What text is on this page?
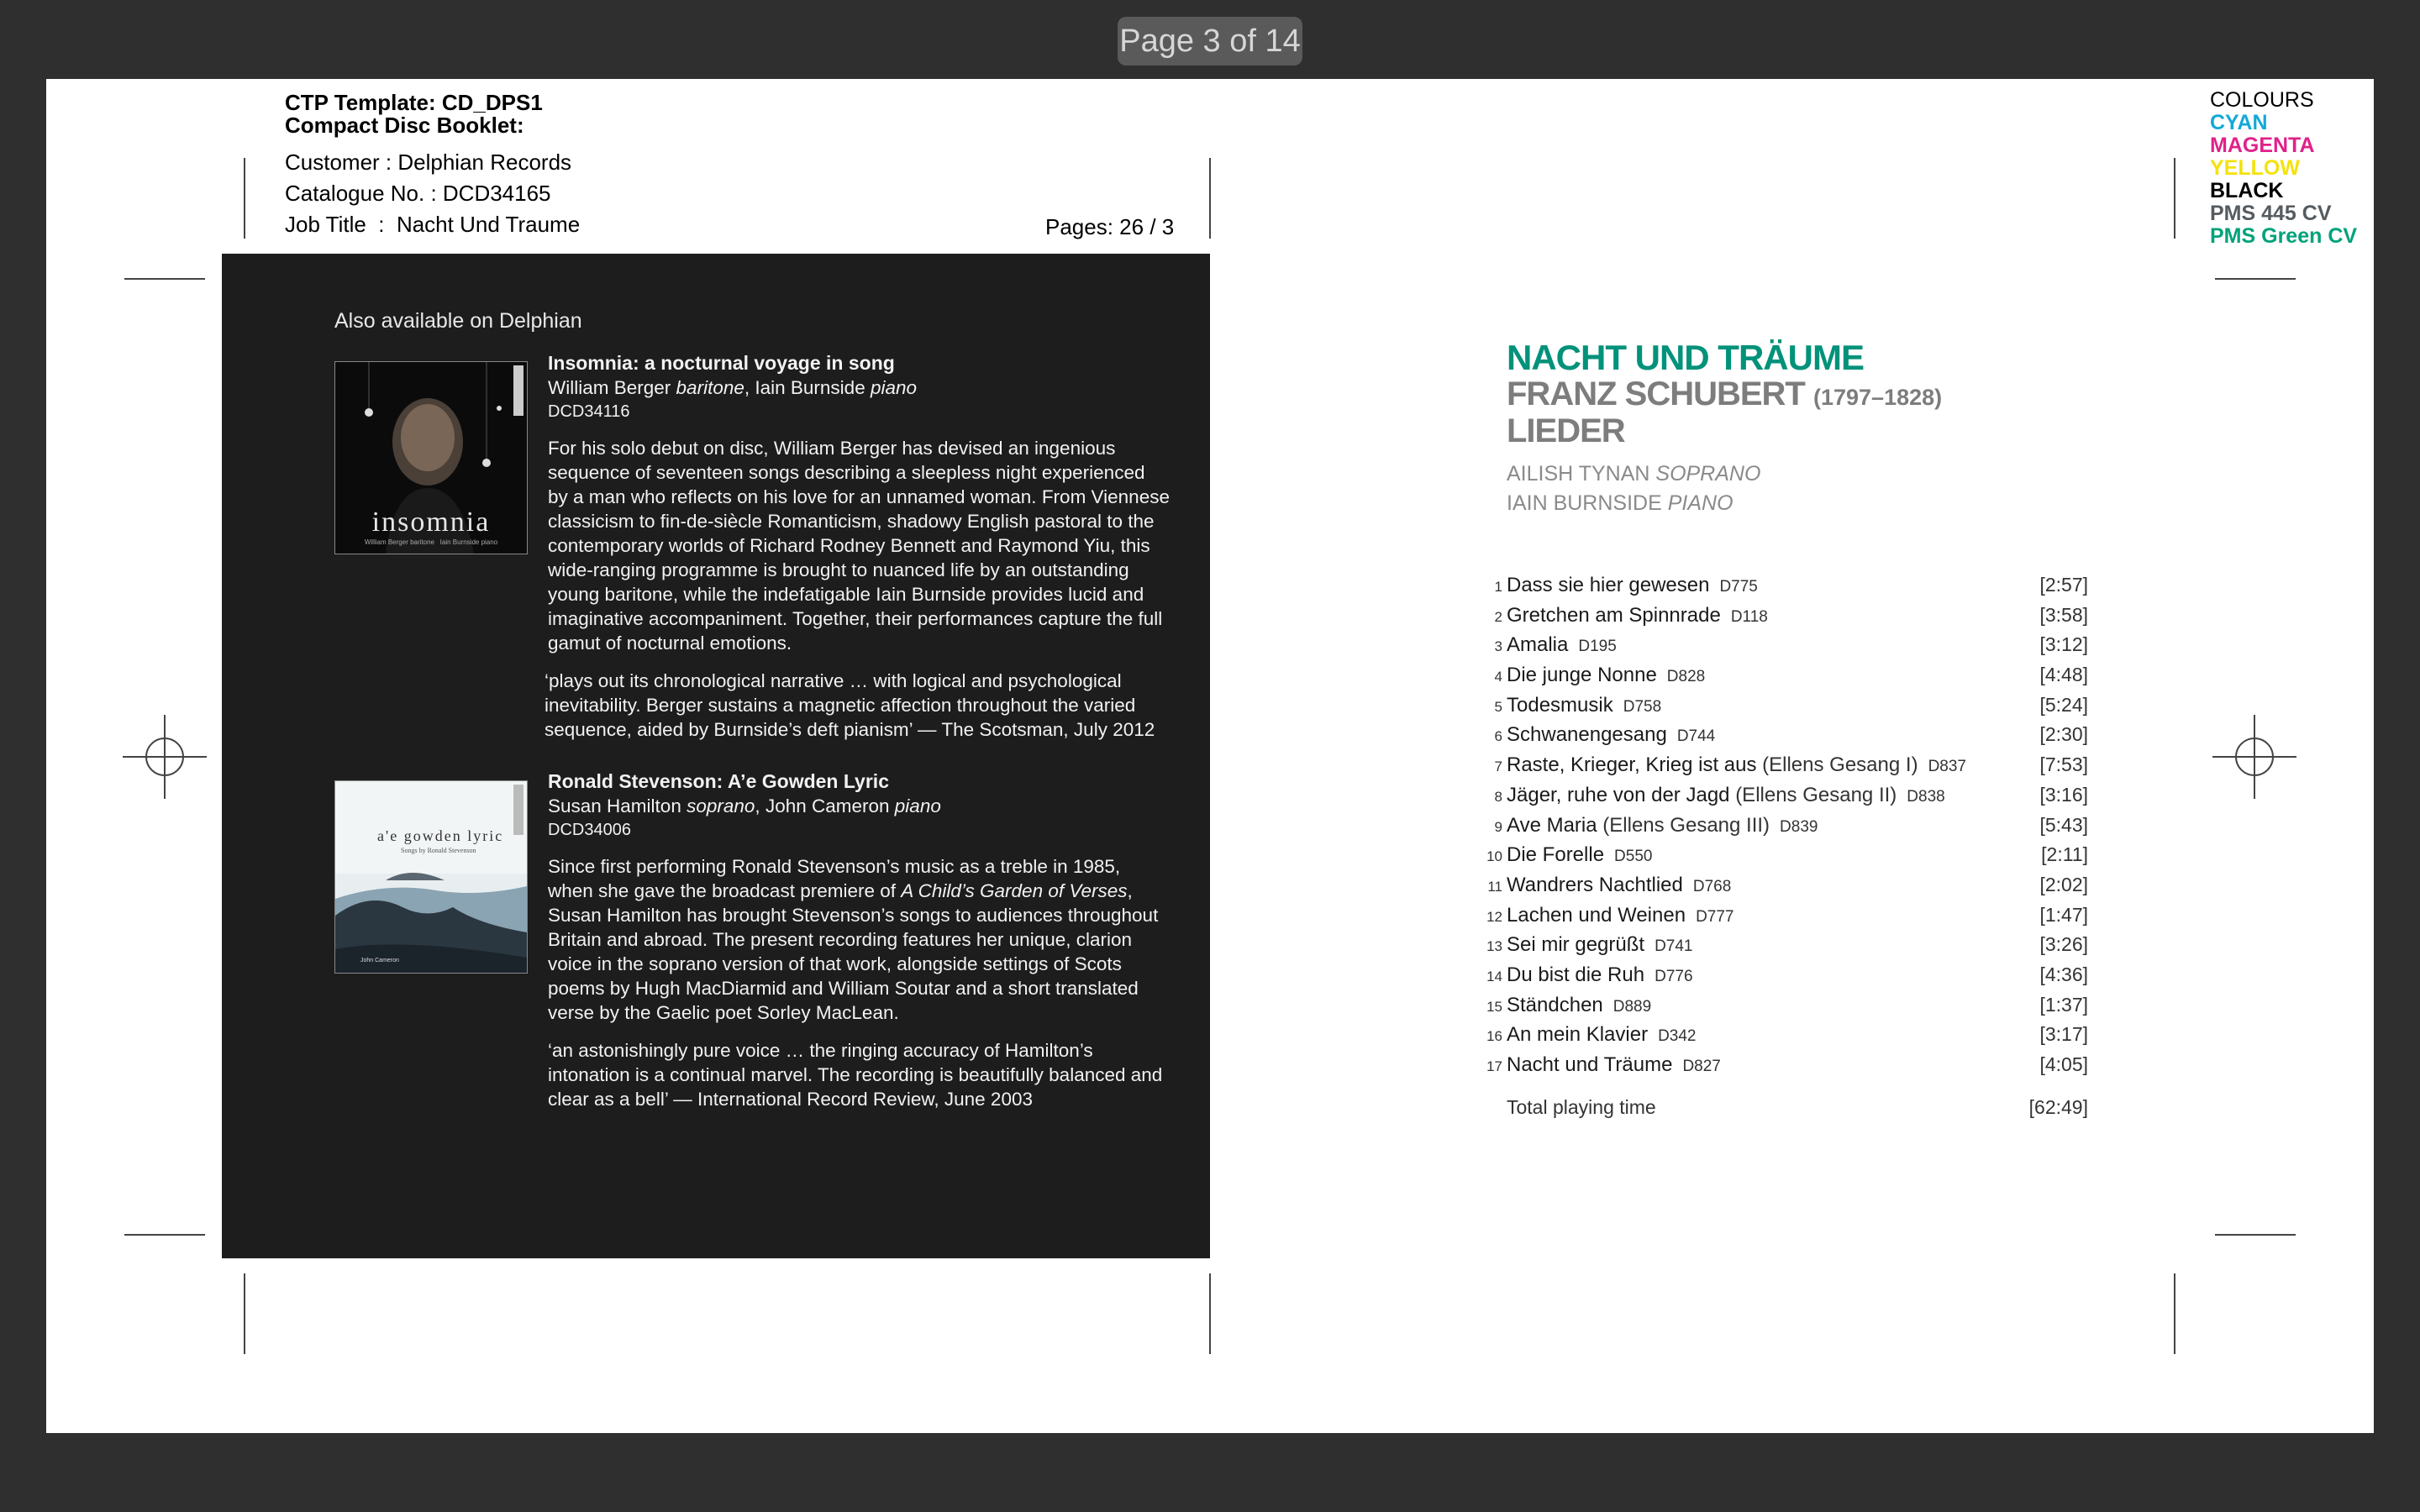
Page 3 of 14
CTP Template: CD_DPS1
Compact Disc Booklet:
Customer : Delphian Records
Catalogue No. : DCD34165
Job Title  :  Nacht Und Traume	Pages: 26 / 3
COLOURS
CYAN
MAGENTA
YELLOW
BLACK
PMS 445 CV
PMS Green CV
Also available on Delphian
insomnia
William Berger baritone   Iain Burnside piano
Insomnia: a nocturnal voyage in song
William Berger baritone, Iain Burnside piano
DCD34116

For his solo debut on disc, William Berger has devised an ingenious sequence of seventeen songs describing a sleepless night experienced by a man who reflects on his love for an unnamed woman. From Viennese classicism to fin-de-siècle Romanticism, shadowy English pastoral to the contemporary worlds of Richard Rodney Bennett and Raymond Yiu, this wide-ranging programme is brought to nuanced life by an outstanding young baritone, while the indefatigable Iain Burnside provides lucid and imaginative accompaniment. Together, their performances capture the full gamut of nocturnal emotions.

‘plays out its chronological narrative … with logical and psychological inevitability. Berger sustains a magnetic affection throughout the varied sequence, aided by Burnside’s deft pianism’ — The Scotsman, July 2012

a'e gowden lyric
Songs by Ronald Stevenson
John Cameron
Ronald Stevenson: A’e Gowden Lyric
Susan Hamilton soprano, John Cameron piano
DCD34006

Since first performing Ronald Stevenson’s music as a treble in 1985, when she gave the broadcast premiere of A Child’s Garden of Verses, Susan Hamilton has brought Stevenson’s songs to audiences throughout Britain and abroad. The present recording features her unique, clarion voice in the soprano version of that work, alongside settings of Scots poems by Hugh MacDiarmid and William Soutar and a short translated verse by the Gaelic poet Sorley MacLean.

‘an astonishingly pure voice … the ringing accuracy of Hamilton’s intonation is a continual marvel. The recording is beautifully balanced and clear as a bell’ — International Record Review, June 2003

NACHT UND TRÄUME
FRANZ SCHUBERT (1797–1828)
LIEDER
AILISH TYNAN SOPRANO
IAIN BURNSIDE PIANO
1 Dass sie hier gewesen D775	[2:57]
2 Gretchen am Spinnrade D118	[3:58]
3 Amalia D195	[3:12]
4 Die junge Nonne D828	[4:48]
5 Todesmusik D758	[5:24]
6 Schwanengesang D744	[2:30]
7 Raste, Krieger, Krieg ist aus (Ellens Gesang I) D837	[7:53]
8 Jäger, ruhe von der Jagd (Ellens Gesang II) D838	[3:16]
9 Ave Maria (Ellens Gesang III) D839	[5:43]
10 Die Forelle D550	[2:11]
11 Wandrers Nachtlied D768	[2:02]
12 Lachen und Weinen D777	[1:47]
13 Sei mir gegrüßt D741	[3:26]
14 Du bist die Ruh D776	[4:36]
15 Ständchen D889	[1:37]
16 An mein Klavier D342	[3:17]
17 Nacht und Träume D827	[4:05]
Total playing time	[62:49]
